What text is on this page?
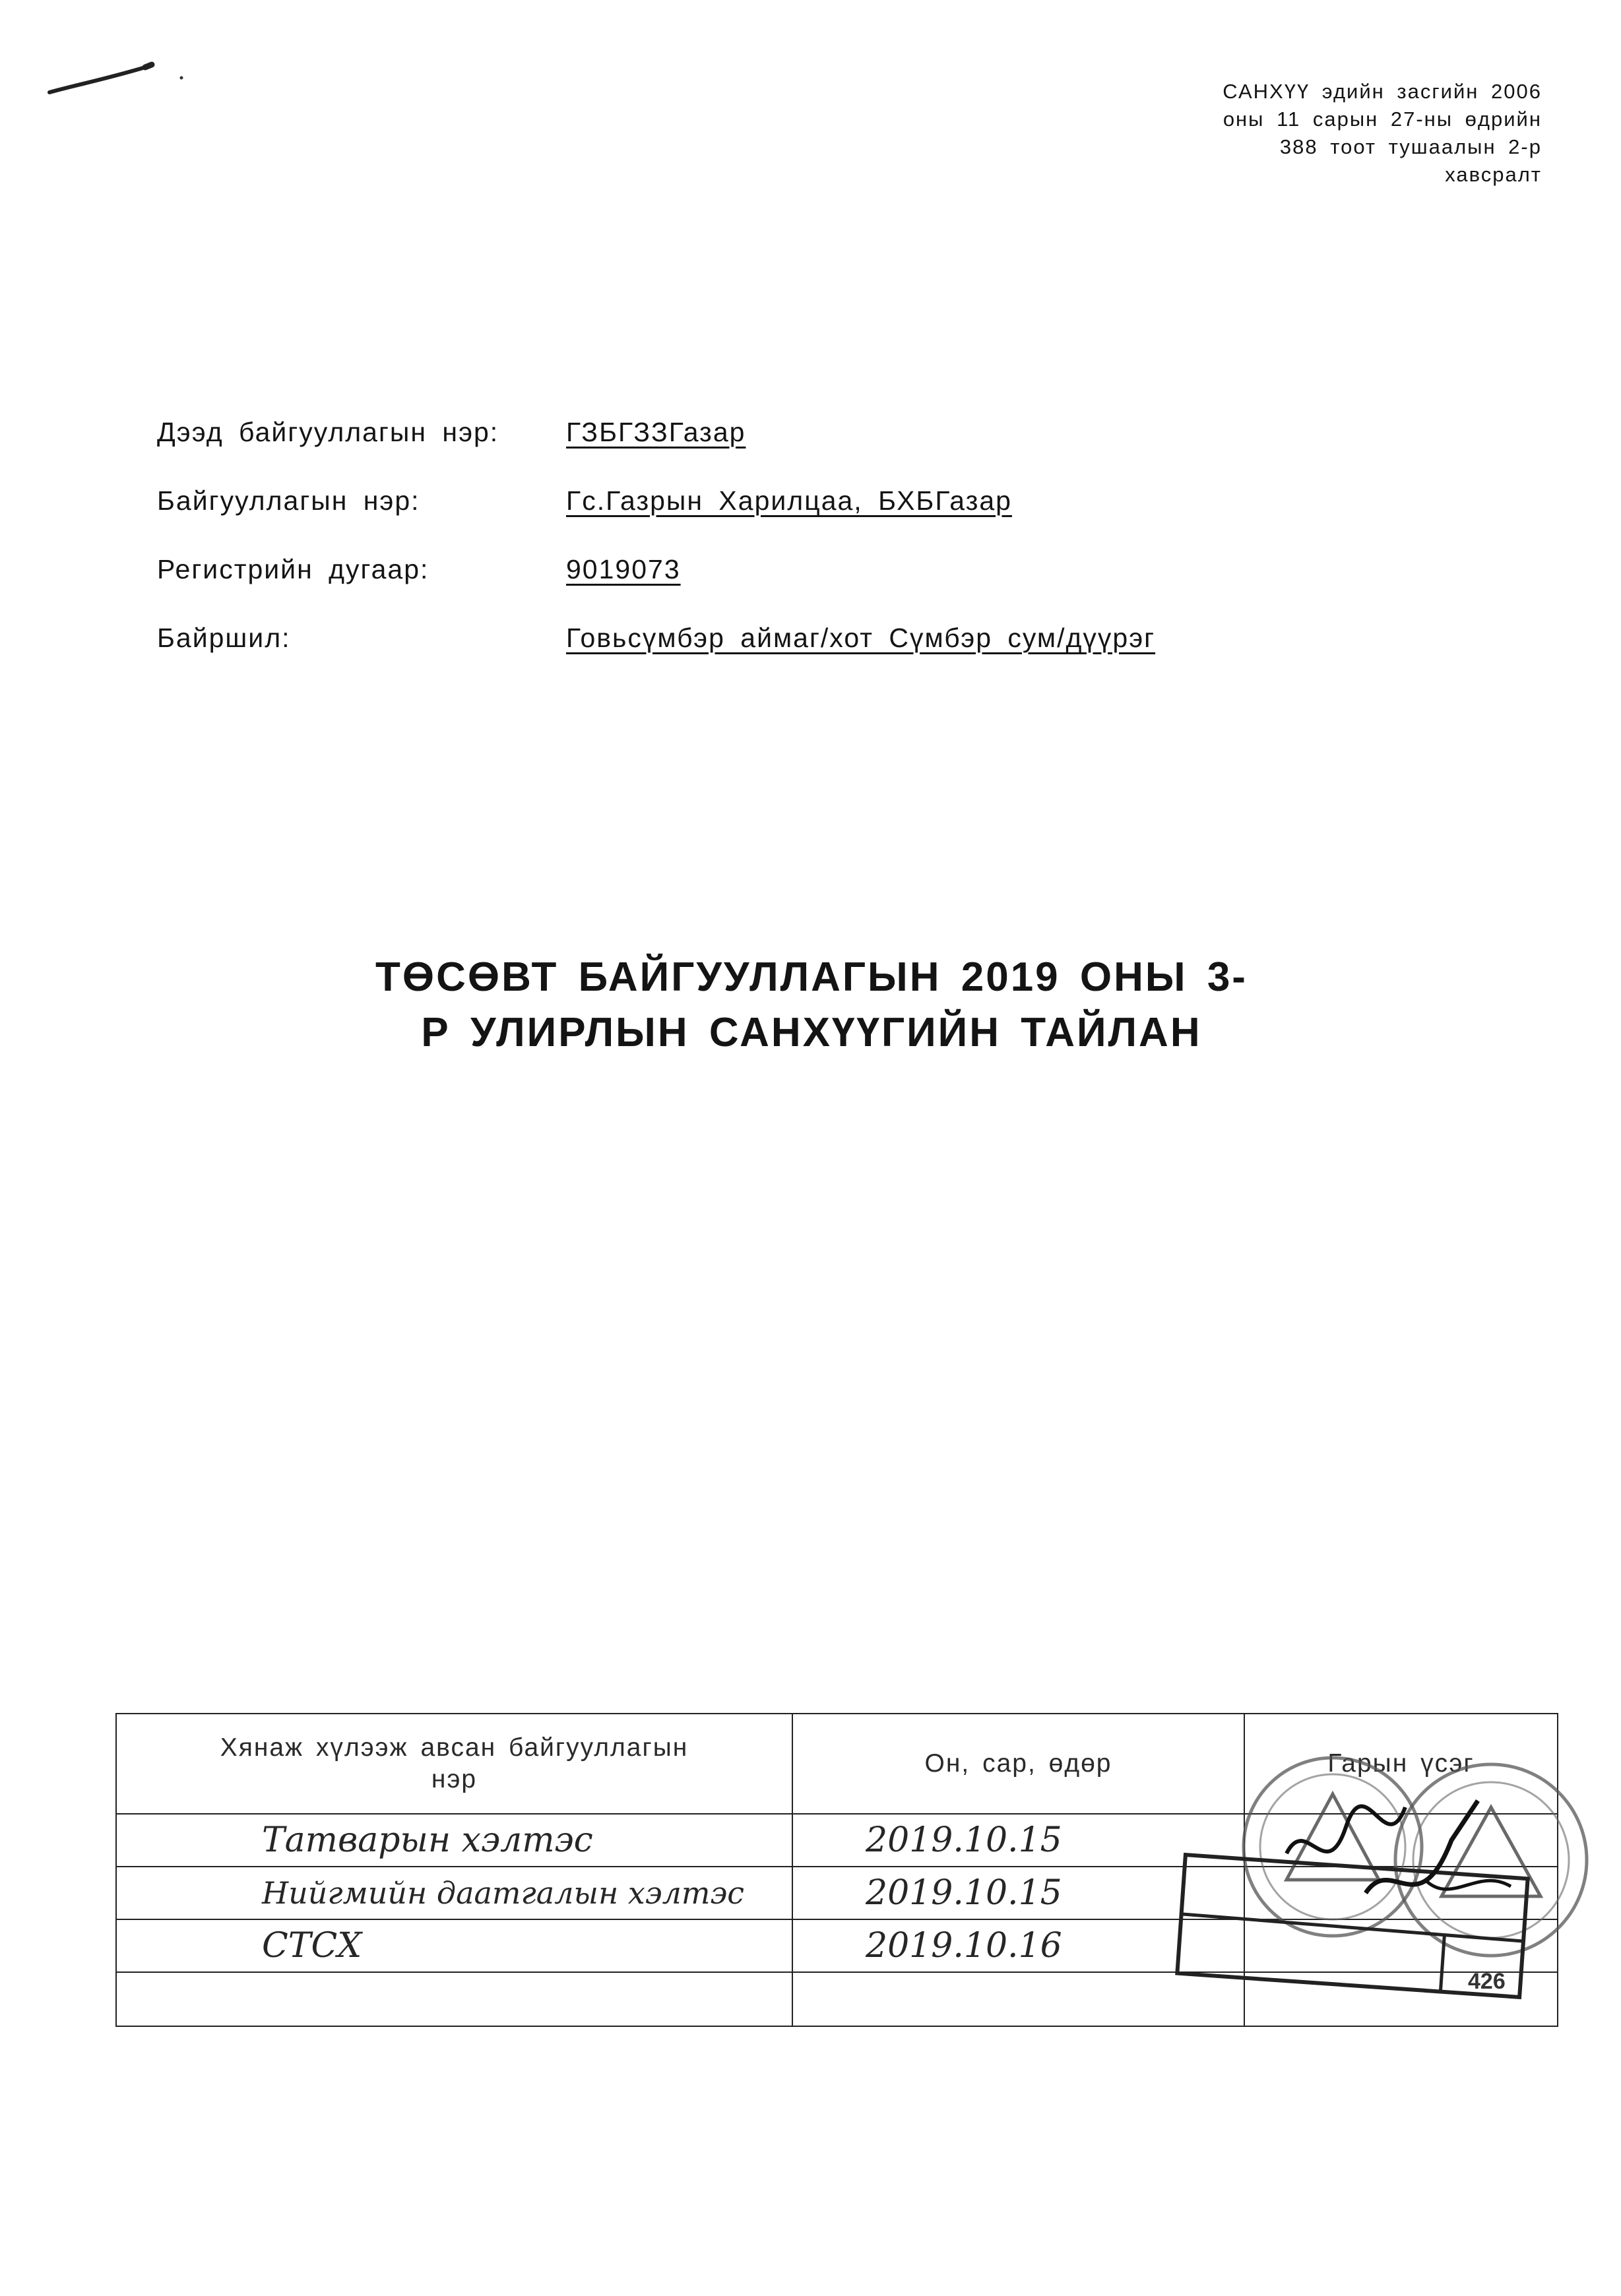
САНХҮҮ эдийн засгийн 2006
оны 11 сарын 27-ны өдрийн
388 тоот тушаалын 2-р
хавсралт
Дээд байгууллагын нэр: ГЗБГЗЗГазар
Байгууллагын нэр:	Гс.Газрын Харилцаа, БХБГазар
Регистрийн дугаар:	9019073
Байршил:	Говьсүмбэр аймаг/хот Сүмбэр сум/дүүрэг
ТӨСӨВТ БАЙГУУЛЛАГЫН 2019 ОНЫ 3-
Р УЛИРЛЫН САНХҮҮГИЙН ТАЙЛАН
Хянаж хүлээж авсан байгууллагын
нэр	Он, сар, өдөр	Гарын үсэг
Татварын хэлтэс	2019.10.15	
Нийгмийн даатгалын хэлтэс	2019.10.15	
СТСХ	2019.10.16	

426
